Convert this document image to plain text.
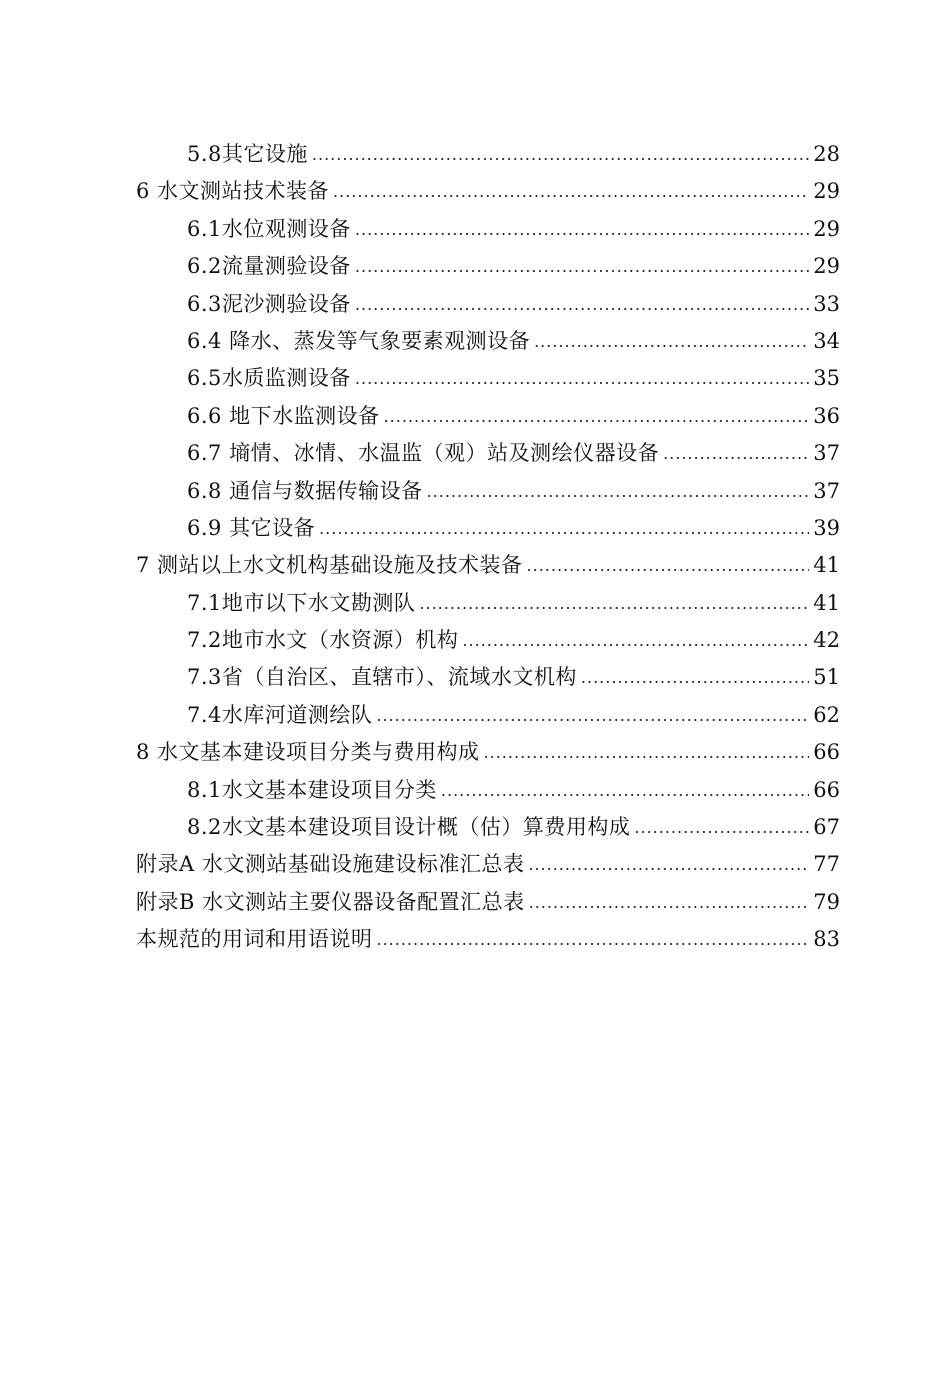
5.8其它设施 .....	28
6 水文测站技术装备 .....	29
6.1水位观测设备 .....	29
6.2流量测验设备 .....	29
6.3泥沙测验设备 .....	33
6.4 降水、蒸发等气象要素观测设备 .....	34
6.5水质监测设备 .....	35
6.6 地下水监测设备 .....	36
6.7 墒情、冰情、水温监（观）站及测绘仪器设备 .....	37
6.8 通信与数据传输设备 .....	37
6.9 其它设备 .....	39
7 测站以上水文机构基础设施及技术装备 .....	41
7.1地市以下水文勘测队 .....	41
7.2地市水文（水资源）机构 .....	42
7.3省（自治区、直辖市）、流域水文机构 .....	51
7.4水库河道测绘队 .....	62
8 水文基本建设项目分类与费用构成 .....	66
8.1水文基本建设项目分类 .....	66
8.2水文基本建设项目设计概（估）算费用构成 .....	67
附录A 水文测站基础设施建设标准汇总表 .....	77
附录B 水文测站主要仪器设备配置汇总表 .....	79
本规范的用词和用语说明 .....	83
